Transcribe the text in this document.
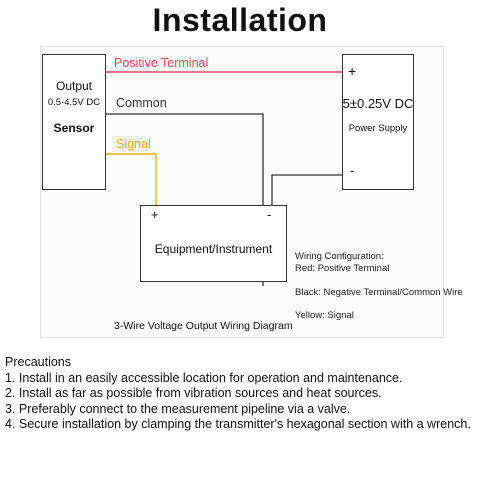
Installation
Output
0.5-4.5V DC
Sensor
+
5±0.25V DC
Power Supply
-
+	-
Equipment/Instrument
Positive Terminal
Common
Signal
Wiring Configuration:
Red: Positive Terminal
Black: Negative Terminal/Common Wire
Yellow: Signal
3-Wire Voltage Output Wiring Diagram
Precautions
1. Install in an easily accessible location for operation and maintenance.
2. Install as far as possible from vibration sources and heat sources.
3. Preferably connect to the measurement pipeline via a valve.
4. Secure installation by clamping the transmitter's hexagonal section with a wrench.
